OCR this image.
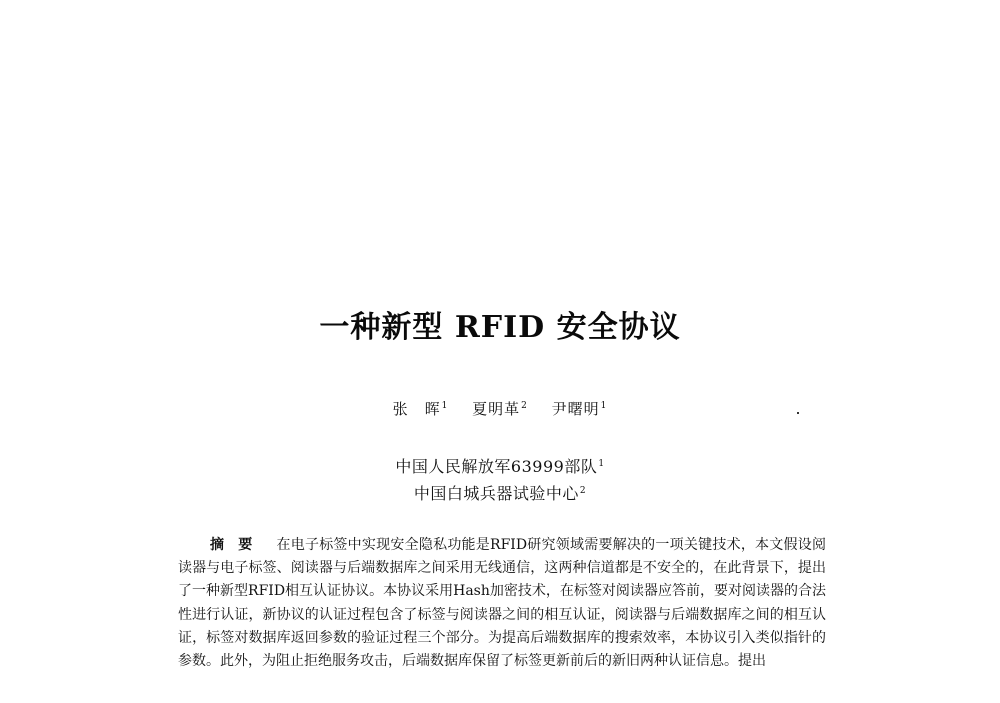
一种新型 RFID 安全协议
张　晖$^1$ 夏明革$^2$ 尹曙明$^1$
中国人民解放军63999部队$^1$
中国白城兵器试验中心$^2$

摘要 在电子标签中实现安全隐私功能是RFID研究领域需要解决的一项关键技术，本文假设阅读器与电子标签、阅读器与后端数据库之间采用无线通信，这两种信道都是不安全的，在此背景下，提出了一种新型RFID相互认证协议。本协议采用Hash加密技术，在标签对阅读器应答前，要对阅读器的合法性进行认证，新协议的认证过程包含了标签与阅读器之间的相互认证，阅读器与后端数据库之间的相互认证，标签对数据库返回参数的验证过程三个部分。为提高后端数据库的搜索效率，本协议引入类似指针的参数。此外，为阻止拒绝服务攻击，后端数据库保留了标签更新前后的新旧两种认证信息。提出
